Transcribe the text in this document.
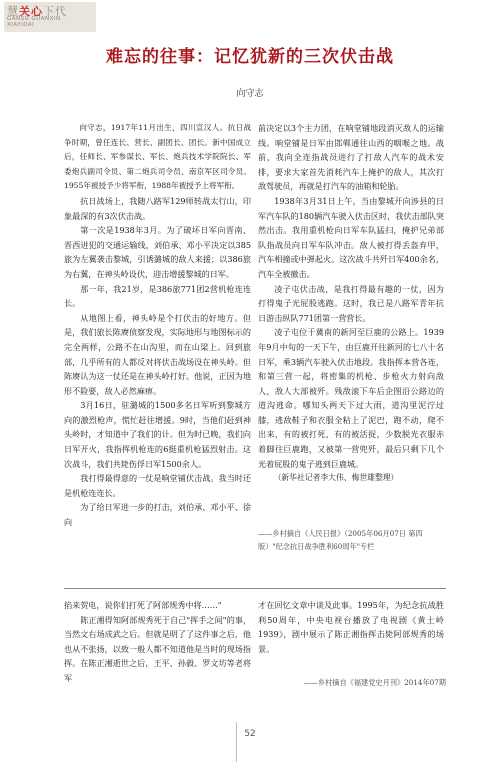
慧关心下代
GANSU GUANXIN
XIAYIDAI
难忘的往事：记忆犹新的三次伏击战
向守志

向守志，1917年11月出生，四川宣汉人。抗日战争时期，曾任连长、营长、副团长、团长。新中国成立后，任师长、军参谋长、军长、炮兵技术学院院长、军委炮兵副司令员、第二炮兵司令员、南京军区司令员。1955年被授予少将军衔，1988年被授予上将军衔。

抗日战场上，我随八路军129师转战太行山，印象最深的有3次伏击战。

第一次是1938年3月。为了破坏日军向晋南、晋西进犯的交通运输线，刘伯承、邓小平决定以385旅为左翼袭击黎城，引诱潞城的敌人来援；以386旅为右翼，在神头岭设伏，迎击增援黎城的日军。

那一年，我21岁，是386旅771团2营机枪连连长。

从地图上看，神头岭是个打伏击的好地方。但是，我们旅长陈赓侦察发现，实际地形与地图标示的完全两样，公路不在山沟里，而在山梁上。回到旅部，几乎所有的人都反对将伏击战场设在神头岭。但陈赓认为这一仗还是在神头岭打好。他说，正因为地形不险要，敌人必然麻痹。

3月16日，驻潞城的1500多名日军听到黎城方向的激烈枪声，慌忙赶往增援。9时，当他们赶到神头岭时，才知道中了我们的计。但为时已晚，我们向日军开火，我指挥机枪连的6挺重机枪猛烈射击。这次战斗，我们共毙伤俘日军1500余人。

我打得最得意的一仗是响堂铺伏击战。我当时还是机枪连连长。

为了给日军进一步的打击，刘伯承、邓小平、徐向

前决定以3个主力团，在响堂铺地段消灭敌人的运输线。响堂铺是日军由邯郸通往山西的咽喉之地。战前，我向全连指战员进行了打敌人汽车的战术安排，要求大家首先消耗汽车上掩护的敌人，其次打敌驾驶员，再就是打汽车的油箱和轮胎。

1938年3月31日上午，当由黎城开向涉县的日军汽车队的180辆汽车驶入伏击区时，我伏击部队突然出击。我用重机枪向日军车队猛扫，掩护兄弟部队指战员向日军车队冲击。敌人被打得丢盔弃甲，汽车相撞或中弹起火。这次战斗共歼日军400余名，汽车全被撤击。

凌子屯伏击战，是我打得最有趣的一仗，因为打得鬼子光屁股逃跑。这时，我已是八路军青年抗日游击纵队771团第一营营长。

凌子屯位于冀南的新河至巨鹿的公路上。1939年9月中旬的一天下午，由巨鹿开往新河的七八十名日军，乘3辆汽车驶入伏击地段。我指挥本营各连，和第三营一起，将密集的机枪、步枪火力射向敌人，敌人大部被歼。残敌滚下车后企图沿公路边的道沟逃命。哪知头两天下过大雨，道沟里泥泞过膝，逃敌鞋子和衣服全粘上了泥巴，跑不动，爬不出来，有的被打死，有的被活捉，少数脱光衣服赤着脚往巨鹿跑，又被第一营兜歼，最后只剩下几个光着屁股的鬼子逃到巨鹿城。

（新华社记者李大伟、梅世雄整理）

——乡村摘自《人民日报》（2005年06月07日 第四版）"纪念抗日战争胜利60周年"专栏

掐来贺电，说你们打死了阿部规秀中将……"

陈正湘得知阿部规秀死于自己"挥手之间"的事，当然文右场成武之后。但就是明了了这件事之后，他也从不张扬，以致一般人都不知道他是当时的现场指挥。在陈正湘逝世之后，王平、孙毅、罗文坊等老将军

才在回忆文章中谈及此事。1995年，为纪念抗战胜利50周年，中央电视台播放了电视剧《黄土岭1939》，剧中展示了陈正湘指挥击毙阿部规秀的场景。

——乡村摘自《福建党史月刊》2014年07期
52
